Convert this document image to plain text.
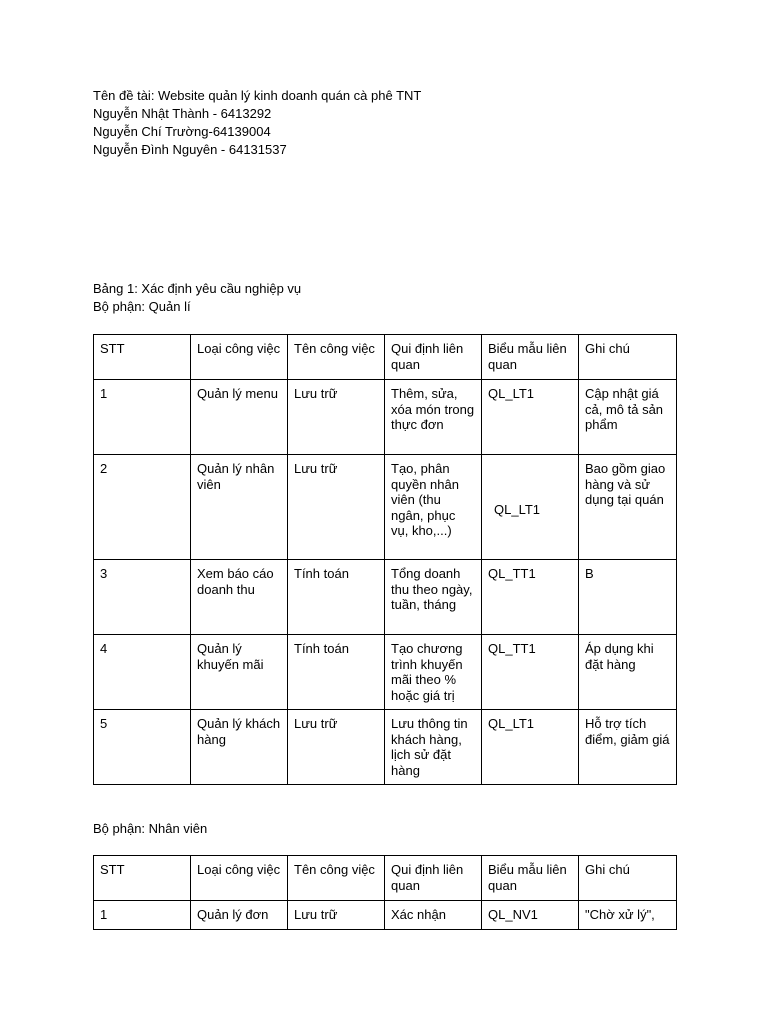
Tên đề tài: Website quản lý kinh doanh quán cà phê TNT
Nguyễn Nhật Thành - 6413292
Nguyễn Chí Trường-64139004
Nguyễn Đình Nguyên - 64131537
Bảng 1: Xác định yêu cầu nghiệp vụ
Bộ phận: Quản lí
STT	Loại công việc	Tên công việc	Qui định liên quan	Biểu mẫu liên quan	Ghi chú
1	Quản lý menu	Lưu trữ	Thêm, sửa, xóa món trong thực đơn	QL_LT1	Cập nhật giá cả, mô tả sản phẩm
2	Quản lý nhân viên	Lưu trữ	Tạo, phân quyền nhân viên (thu ngân, phục vụ, kho,...)	QL_LT1	Bao gồm giao hàng và sử dụng tại quán
3	Xem báo cáo doanh thu	Tính toán	Tổng doanh thu theo ngày, tuần, tháng	QL_TT1	B
4	Quản lý khuyến mãi	Tính toán	Tạo chương trình khuyến mãi theo % hoặc giá trị	QL_TT1	Áp dụng khi đặt hàng
5	Quản lý khách hàng	Lưu trữ	Lưu thông tin khách hàng, lịch sử đặt hàng	QL_LT1	Hỗ trợ tích điểm, giảm giá
Bộ phận: Nhân viên
STT	Loại công việc	Tên công việc	Qui định liên quan	Biểu mẫu liên quan	Ghi chú
1	Quản lý đơn	Lưu trữ	Xác nhận	QL_NV1	"Chờ xử lý",
